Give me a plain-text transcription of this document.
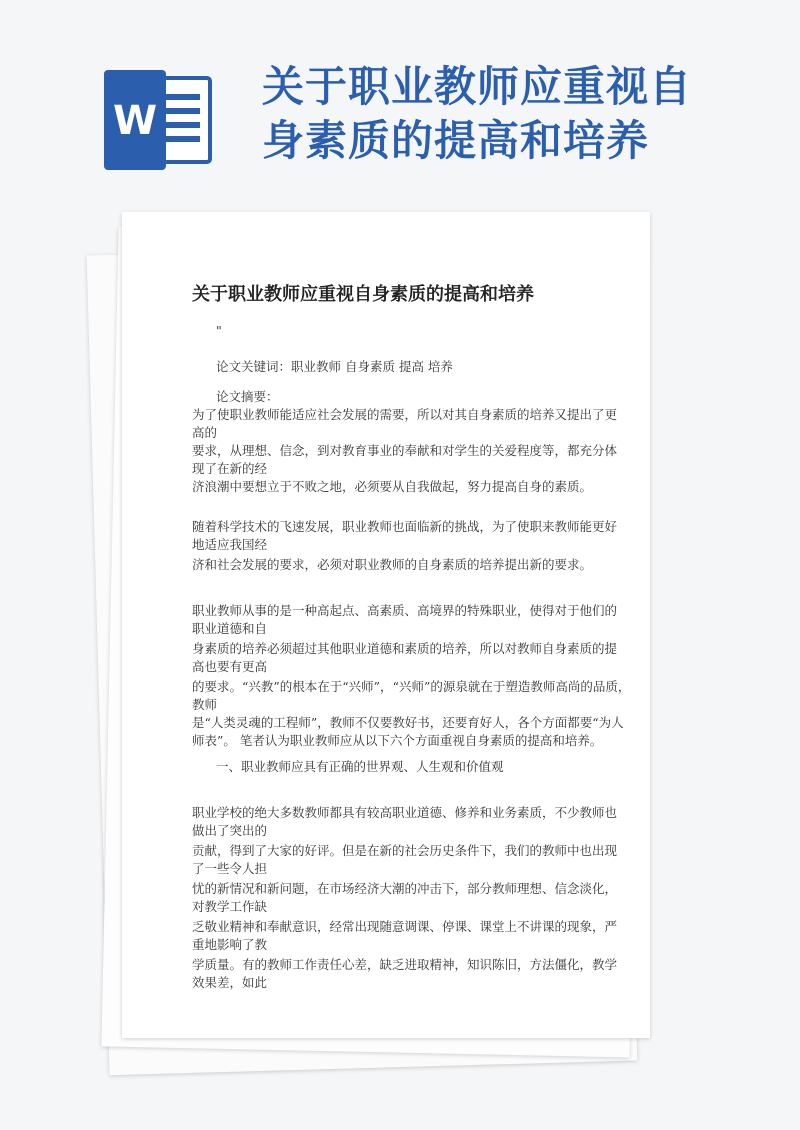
W
关于职业教师应重视自
身素质的提高和培养
关于职业教师应重视自身素质的提高和培养
"
论文关键词：职业教师 自身素质 提高 培养
论文摘要：
为了使职业教师能适应社会发展的需要，所以对其自身素质的培养又提出了更
高的
要求，从理想、信念，到对教育事业的奉献和对学生的关爱程度等，都充分体
现了在新的经
济浪潮中要想立于不败之地，必须要从自我做起，努力提高自身的素质。
随着科学技术的飞速发展，职业教师也面临新的挑战，为了使职来教师能更好
地适应我国经
济和社会发展的要求，必须对职业教师的自身素质的培养提出新的要求。
职业教师从事的是一种高起点、高素质、高境界的特殊职业，使得对于他们的
职业道德和自
身素质的培养必须超过其他职业道德和素质的培养，所以对教师自身素质的提
高也要有更高
的要求。“兴教”的根本在于“兴师”，“兴师”的源泉就在于塑造教师高尚的品质，
教师
是“人类灵魂的工程师”，教师不仅要教好书，还要育好人，各个方面都要“为人
师表”。 笔者认为职业教师应从以下六个方面重视自身素质的提高和培养。
一、职业教师应具有正确的世界观、人生观和价值观
职业学校的绝大多数教师都具有较高职业道德、修养和业务素质，不少教师也
做出了突出的
贡献，得到了大家的好评。但是在新的社会历史条件下，我们的教师中也出现
了一些令人担
忧的新情况和新问题，在市场经济大潮的冲击下，部分教师理想、信念淡化，
对教学工作缺
乏敬业精神和奉献意识，经常出现随意调课、停课、课堂上不讲课的现象，严
重地影响了教
学质量。有的教师工作责任心差，缺乏进取精神，知识陈旧，方法僵化，教学
效果差，如此
